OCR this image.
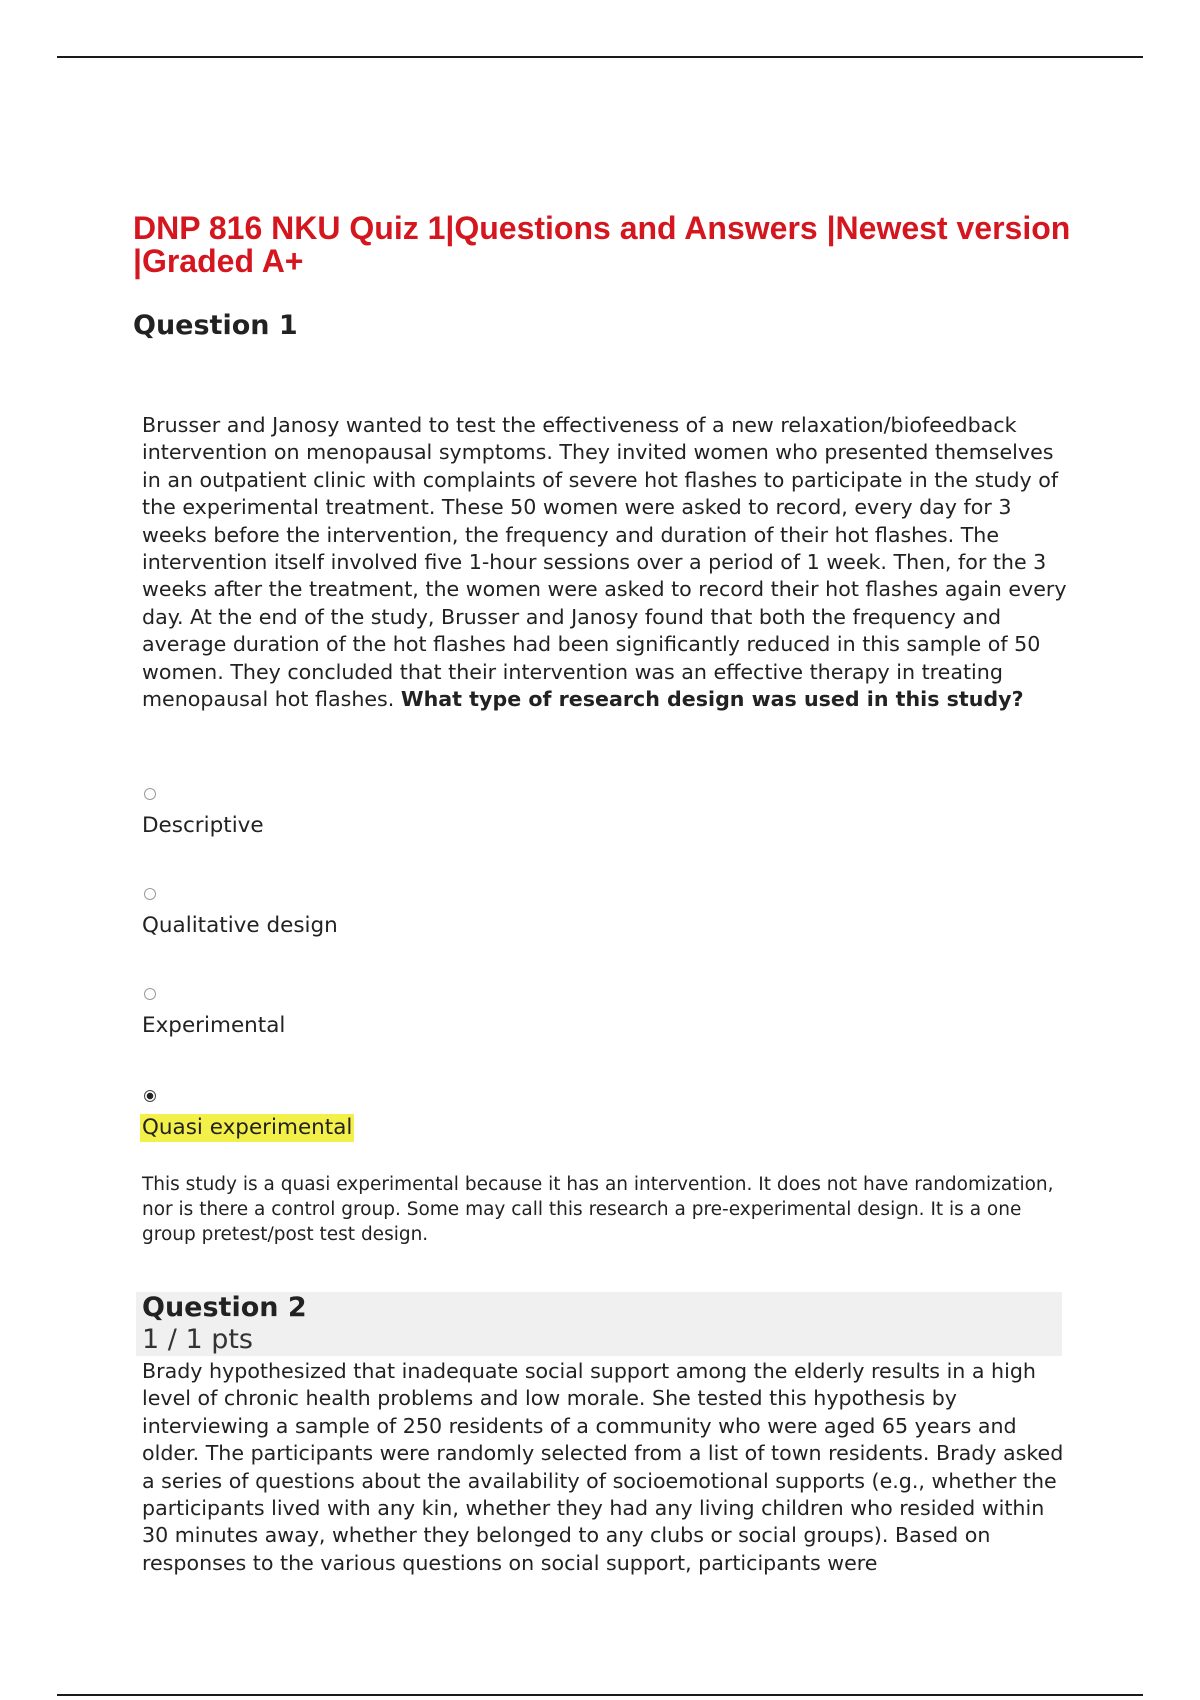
DNP 816 NKU Quiz 1|Questions and Answers |Newest version |Graded A+
Question 1

Brusser and Janosy wanted to test the effectiveness of a new relaxation/biofeedback intervention on menopausal symptoms. They invited women who presented themselves in an outpatient clinic with complaints of severe hot flashes to participate in the study of the experimental treatment. These 50 women were asked to record, every day for 3 weeks before the intervention, the frequency and duration of their hot flashes. The intervention itself involved five 1-hour sessions over a period of 1 week. Then, for the 3 weeks after the treatment, the women were asked to record their hot flashes again every day. At the end of the study, Brusser and Janosy found that both the frequency and average duration of the hot flashes had been significantly reduced in this sample of 50 women. They concluded that their intervention was an effective therapy in treating menopausal hot flashes. What type of research design was used in this study?

Descriptive
Qualitative design
Experimental
Quasi experimental

This study is a quasi experimental because it has an intervention. It does not have randomization, nor is there a control group. Some may call this research a pre-experimental design. It is a one group pretest/post test design.

Question 2
1 / 1 pts

Brady hypothesized that inadequate social support among the elderly results in a high level of chronic health problems and low morale. She tested this hypothesis by interviewing a sample of 250 residents of a community who were aged 65 years and older. The participants were randomly selected from a list of town residents. Brady asked a series of questions about the availability of socioemotional supports (e.g., whether the participants lived with any kin, whether they had any living children who resided within 30 minutes away, whether they belonged to any clubs or social groups). Based on responses to the various questions on social support, participants were
